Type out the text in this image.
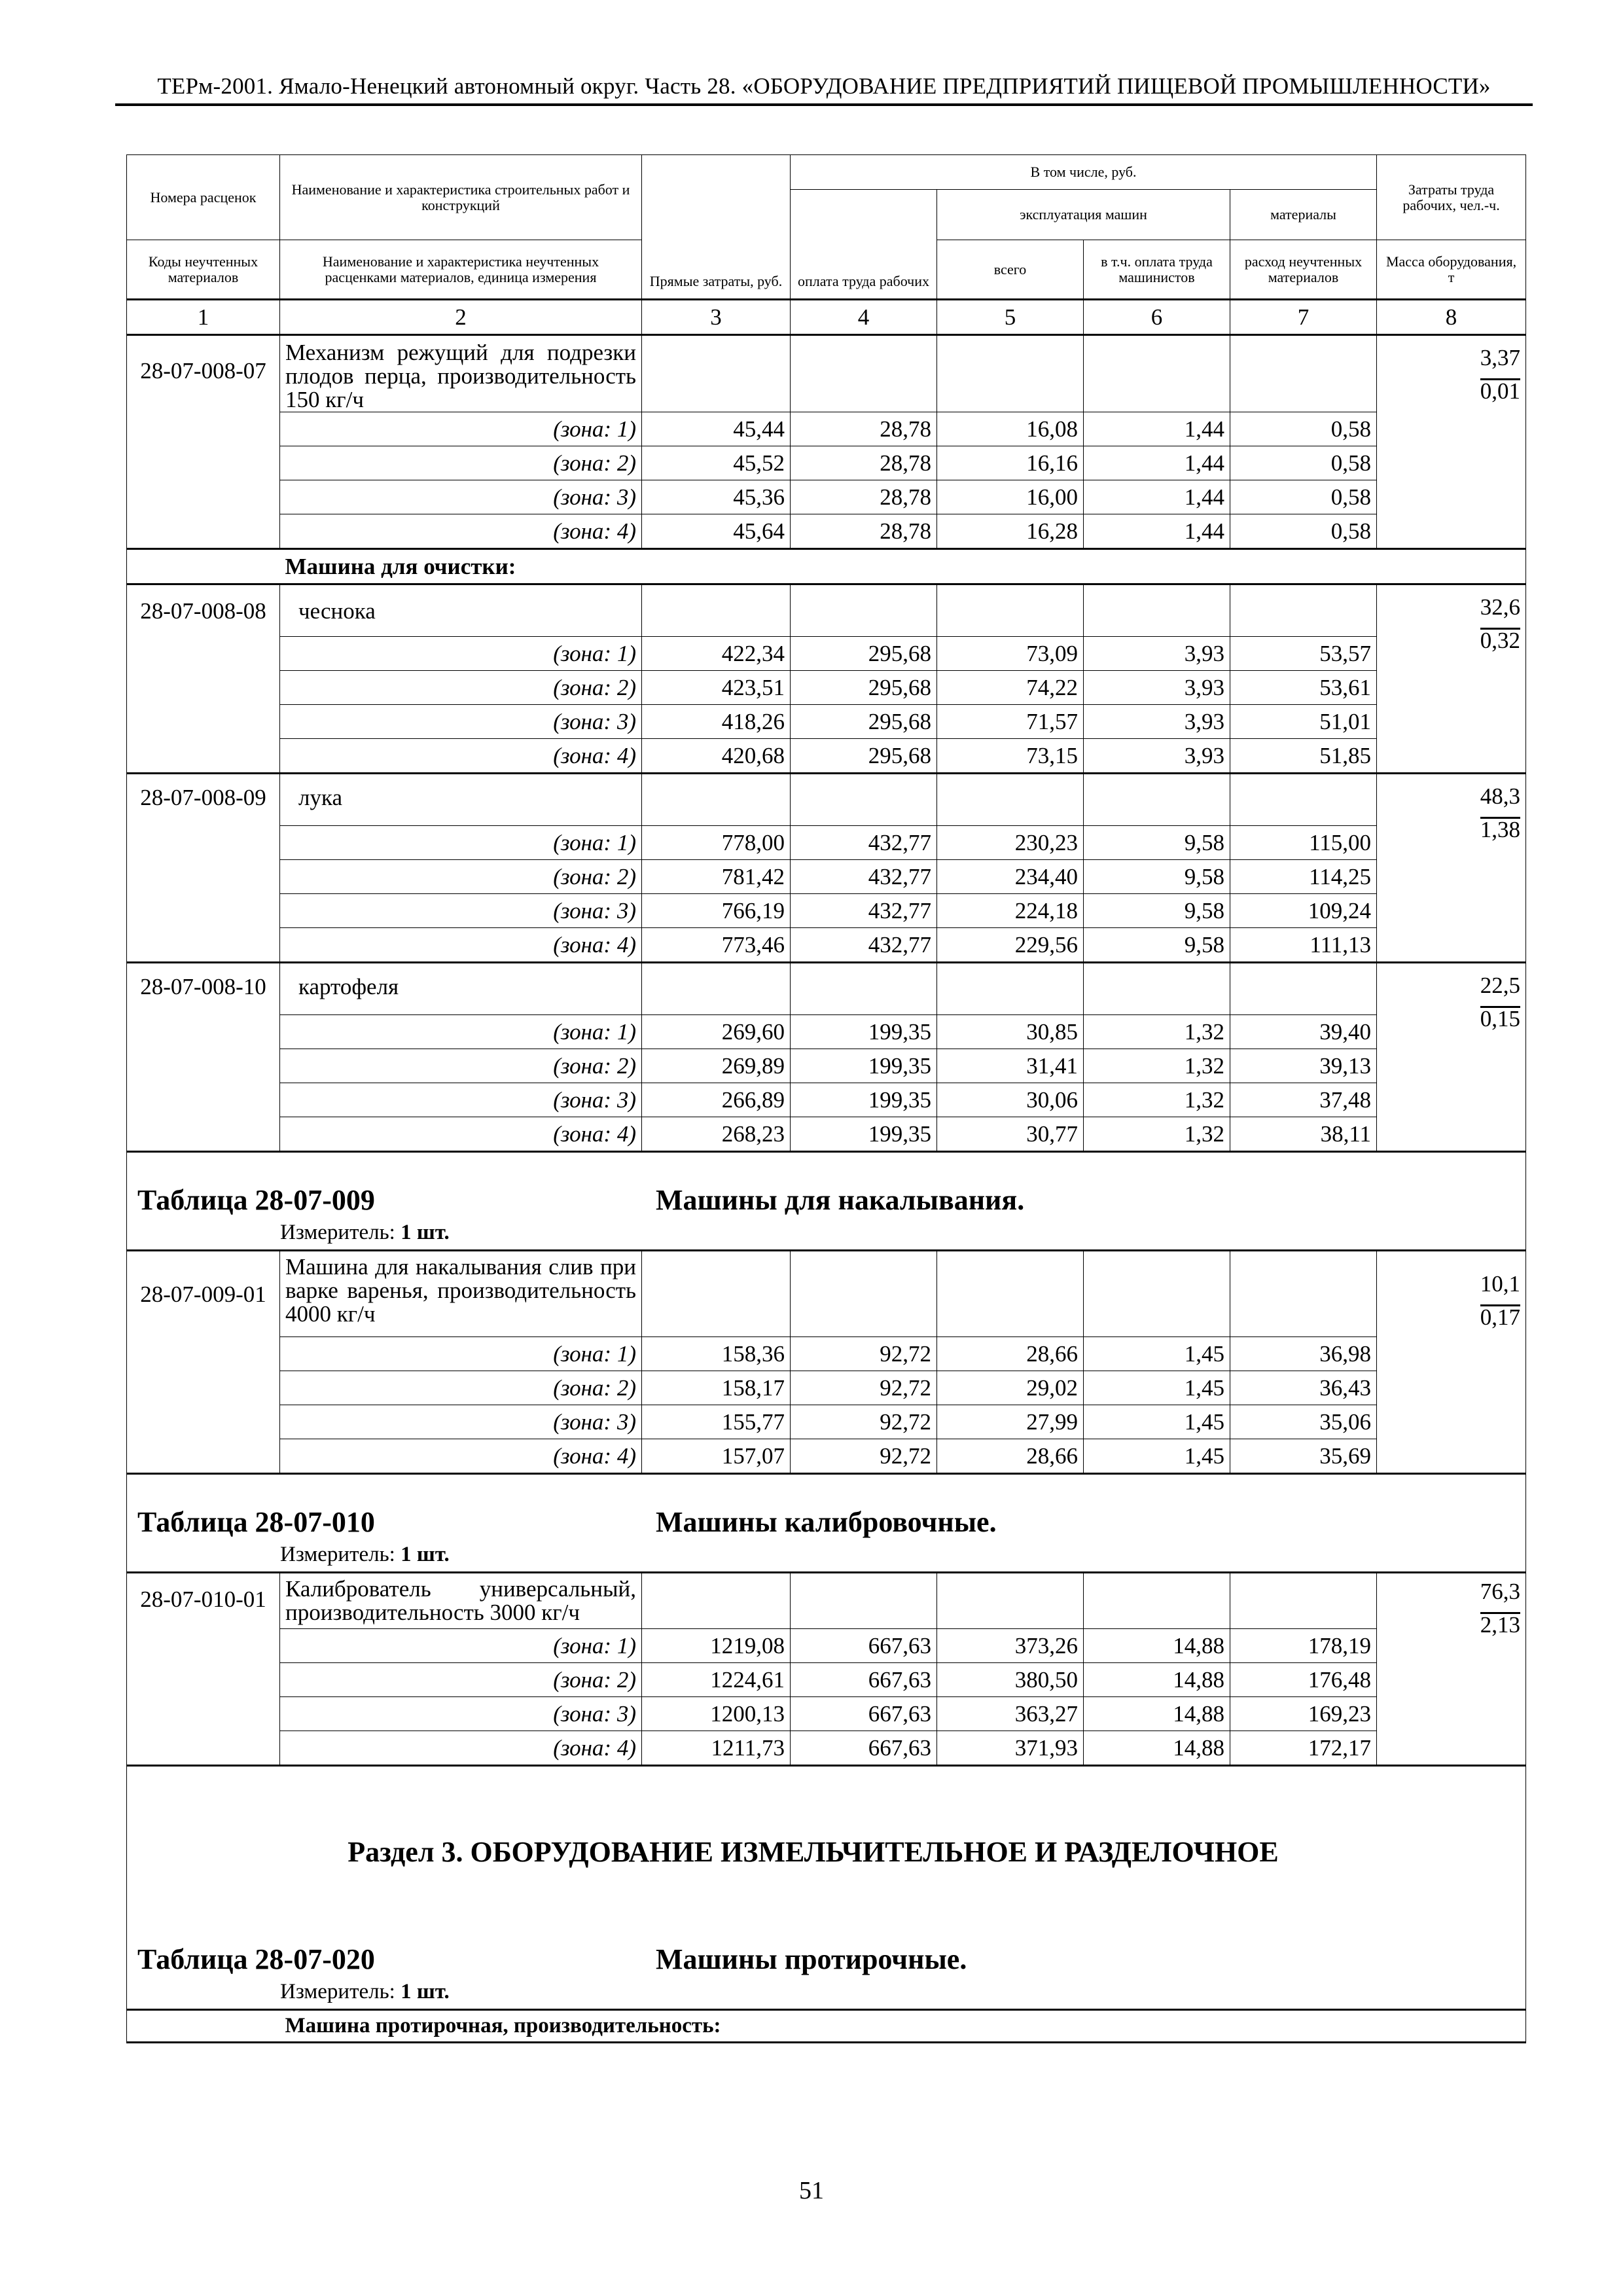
ТЕРм-2001. Ямало-Ненецкий автономный округ. Часть 28. «ОБОРУДОВАНИЕ ПРЕДПРИЯТИЙ ПИЩЕВОЙ ПРОМЫШЛЕННОСТИ»
Номера расценок	Наименование и характеристика строительных работ и конструкций	Прямые затраты, руб.	В том числе, руб.				Затраты труда рабочих, чел.-ч.
			оплата труда рабочих	эксплуатация машин		материалы	
Коды неучтенных материалов	Наименование и характеристика неучтенных расценками материалов, единица измерения			всего	в т.ч. оплата труда машинистов	расход неучтенных материалов	Масса оборудования, т
1	2	3	4	5	6	7	8
28-07-008-07	Механизм режущий для подрезки плодов перца, производительность 150 кг/ч						3,37
0,01
	(зона: 1)	45,44	28,78	16,08	1,44	0,58	
	(зона: 2)	45,52	28,78	16,16	1,44	0,58	
	(зона: 3)	45,36	28,78	16,00	1,44	0,58	
	(зона: 4)	45,64	28,78	16,28	1,44	0,58	
	Машина для очистки:						
28-07-008-08	чеснока						32,6
0,32
	(зона: 1)	422,34	295,68	73,09	3,93	53,57	
	(зона: 2)	423,51	295,68	74,22	3,93	53,61	
	(зона: 3)	418,26	295,68	71,57	3,93	51,01	
	(зона: 4)	420,68	295,68	73,15	3,93	51,85	
28-07-008-09	лука						48,3
1,38
	(зона: 1)	778,00	432,77	230,23	9,58	115,00	
	(зона: 2)	781,42	432,77	234,40	9,58	114,25	
	(зона: 3)	766,19	432,77	224,18	9,58	109,24	
	(зона: 4)	773,46	432,77	229,56	9,58	111,13	
28-07-008-10	картофеля						22,5
0,15
	(зона: 1)	269,60	199,35	30,85	1,32	39,40	
	(зона: 2)	269,89	199,35	31,41	1,32	39,13	
	(зона: 3)	266,89	199,35	30,06	1,32	37,48	
	(зона: 4)	268,23	199,35	30,77	1,32	38,11	

Таблица 28-07-009 Машины для накалывания.
Измеритель: 1 шт.							

28-07-009-01	Машина для накалывания слив при варке варенья, производительность 4000 кг/ч						10,1
0,17
	(зона: 1)	158,36	92,72	28,66	1,45	36,98	
	(зона: 2)	158,17	92,72	29,02	1,45	36,43	
	(зона: 3)	155,77	92,72	27,99	1,45	35,06	
	(зона: 4)	157,07	92,72	28,66	1,45	35,69	

Таблица 28-07-010 Машины калибровочные.
Измеритель: 1 шт.							

28-07-010-01	Калиброватель универсальный, производительность 3000 кг/ч						76,3
2,13
	(зона: 1)	1219,08	667,63	373,26	14,88	178,19	
	(зона: 2)	1224,61	667,63	380,50	14,88	176,48	
	(зона: 3)	1200,13	667,63	363,27	14,88	169,23	
	(зона: 4)	1211,73	667,63	371,93	14,88	172,17	

Раздел 3. ОБОРУДОВАНИЕ ИЗМЕЛЬЧИТЕЛЬНОЕ И РАЗДЕЛОЧНОЕ
Таблица 28-07-020 Машины протирочные.
Измеритель: 1 шт.							

	Машина протирочная, производительность:						
51
